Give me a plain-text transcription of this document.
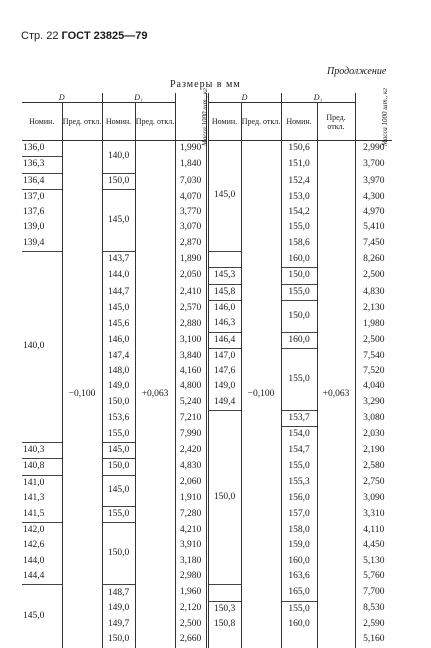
Стр. 22 ГОСТ 23825—79
Продолжение
Размеры в мм
D		D₁		Масса 1000 шт., кг	D		D₁		Масса 1000 шт., кг
Номин.	Пред. откл.	Номин.	Пред. откл.		Номин.	Пред. откл.	Номин.	Пред. откл.	
136,0	−0,100	140,0	+0,063	1,990	145,0	−0,100	150,6	+0,063	2,990
136,3				1,840			151,0		3,700
136,4		150,0		7,030			152,4		3,970
137,0		145,0		4,070			153,0		4,300
137,6				3,770			154,2		4,970
139,0				3,070			155,0		5,410
139,4				2,870			158,6		7,450
140,0		143,7		1,890			160,0		8,260
		144,0		2,050	145,3		150,0		2,500
		144,7		2,410	145,8		155,0		4,830
		145,0		2,570	146,0		150,0		2,130
		145,6		2,880	146,3				1,980
		146,0		3,100	146,4		160,0		2,500
		147,4		3,840	147,0		155,0		7,540
		148,0		4,160	147,6				7,520
		149,0		4,800	149,0				4,040
		150,0		5,240	149,4				3,290
		153,6		7,210	150,0		153,7		3,080
		155,0		7,990			154,0		2,030
140,3		145,0		2,420			154,7		2,190
140,8		150,0		4,830			155,0		2,580
141,0		145,0		2,060			155,3		2,750
141,3				1,910			156,0		3,090
141,5		155,0		7,280			157,0		3,310
142,0		150,0		4,210			158,0		4,110
142,6				3,910			159,0		4,450
144,0				3,180			160,0		5,130
144,4				2,980			163,6		5,760
145,0		148,7		1,960			165,0		7,700
		149,0		2,120	150,3		155,0		8,530
		149,7		2,500	150,8		160,0		2,590
		150,0		2,660					5,160
